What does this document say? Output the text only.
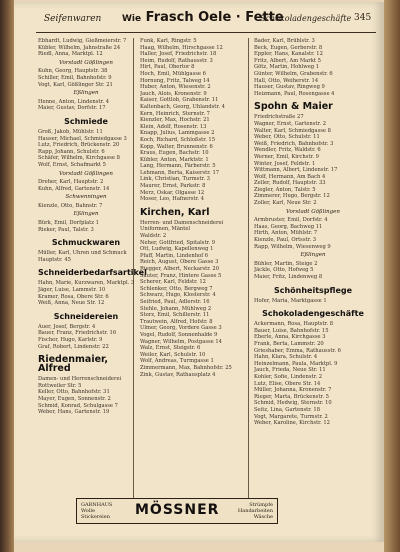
Seifenwaren Wie Frasch Oele · Fette
Schokoladengeschäfte 345
Ebhardt, Ludwig, Gießmeierstr. 7
Kübler, Wilhelm, Jahnstraße 24
Riedl, Anna, Marktpl. 12
Vorstadt Gößlingen
Kuhn, Georg, Hauptstr. 38
Schiller, Emil, Bahnhofstr. 9
Vogt, Karl, Gößlinger Str. 21
Eßlingen
Henne, Anton, Lindenstr. 4
Maier, Gustav, Dorfstr. 17
Schmiede
Groß, Jakob, Mühlstr. 11
Hauser, Michael, Schmiedgasse 3
Lutz, Friedrich, Brückenstr. 20
Rapp, Johann, Schulstr. 6
Schäfer, Wilhelm, Kirchgasse 8
Wolf, Ernst, Schafmarkt 5
Vorstadt Gößlingen
Dreher, Karl, Hauptstr. 2
Kuhn, Alfred, Gartenstr. 14
Schwenningen
Kienzle, Otto, Bahnstr. 7
Eßlingen
Bürk, Emil, Dorfplatz 1
Rieker, Paul, Talstr. 3
Schmuckwaren
Müller, Karl, Uhren und Schmuck
Hauptstr. 45
Schneiderbedarfsartikel
Hahn, Marie, Kurzwaren, Marktpl. 3
Jäger, Luise, Lammstr. 10
Kramer, Rosa, Obere Str. 6
Weiß, Anna, Neue Str. 12
Schneidereien
Auer, Josef, Bergstr. 4
Bauer, Franz, Friedrichstr. 16
Fischer, Hugo, Karlstr. 9
Graf, Robert, Lindenstr. 22
Riedenmaier, Alfred
Damen- und Herrenschneiderei
Rottweiler Str. 5
Keller, Otto, Bahnhofstr. 31
Mayer, Eugen, Sonnenstr. 2
Schmid, Konrad, Schulgasse 7
Weber, Hans, Gartenstr. 19
Funk, Karl, Ringstr. 5
Haag, Wilhelm, Hirschgasse 12
Haller, Josef, Friedrichstr. 18
Heim, Rudolf, Rathausstr. 3
Hirt, Paul, Obertor 8
Hoch, Emil, Mühlgasse 6
Hornung, Fritz, Talweg 14
Huber, Anton, Wiesenstr. 2
Jauch, Alois, Kronenstr. 9
Kaiser, Gottlob, Grabenstr. 11
Kaltenbach, Georg, Uhlandstr. 4
Kern, Heinrich, Sternstr. 7
Kienzler, Max, Hochstr. 21
Klein, Adolf, Rosenstr. 13
Knapp, Julius, Lammgasse 2
Koch, Richard, Schloßstr. 15
Kopp, Walter, Brunnenstr. 6
Kraus, Eugen, Bachstr. 10
Kübler, Anton, Marktstr. 1
Lang, Hermann, Färberstr. 5
Lehmann, Berta, Kaiserstr. 17
Link, Christian, Turmstr. 3
Maurer, Ernst, Parkstr. 8
Merz, Oskar, Ölgasse 12
Moser, Leo, Hafnerstr. 4
Kirchen, Karl
Herren- und Damenschneiderei
Uniformen, Mäntel
Waldstr. 2
Neher, Gottfried, Spitalstr. 9
Ott, Ludwig, Kapellenweg 1
Pfaff, Martin, Lindenhof 6
Reich, August, Obere Gasse 3
Riegger, Albert, Neckarstr. 20
Sauter, Franz, Hintere Gasse 5
Scherer, Karl, Feldstr. 12
Schlenker, Otto, Bergweg 7
Schwarz, Hugo, Klosterstr. 4
Seifried, Paul, Adlerstr. 16
Stehle, Johann, Mühlweg 2
Storz, Emil, Schillerstr. 11
Trautwein, Alfred, Hofstr. 8
Ulmer, Georg, Vordere Gasse 3
Vogel, Rudolf, Sonnenhalde 9
Wagner, Wilhelm, Postgasse 14
Walz, Ernst, Steigstr. 6
Weiler, Karl, Schulstr. 10
Wolf, Andreas, Turmgasse 1
Zimmermann, Max, Bahnhofstr. 25
Zink, Gustav, Rathausplatz 4
Bader, Karl, Brühlstr. 3
Beck, Eugen, Gerberstr. 8
Eppler, Hans, Kanalstr. 12
Fritz, Albert, Am Markt 5
Götz, Martin, Hohlweg 1
Günter, Wilhelm, Grabenstr. 6
Hall, Otto, Weiherstr. 14
Hauser, Gustav, Ringweg 9
Heizmann, Paul, Rosengasse 4
Spohn & Maier
Friedrichstraße 27
Wagner, Ernst, Gartenstr. 2
Walter, Karl, Schmiedgasse 8
Weber, Otto, Schulstr. 11
Weiß, Friedrich, Bahnhofstr. 3
Wendler, Fritz, Waldstr. 6
Werner, Emil, Kirchstr. 9
Winter, Josef, Feldstr. 1
Wittmann, Albert, Lindenstr. 17
Wolf, Hermann, Am Bach 4
Zeller, Rudolf, Hauptstr. 33
Ziegler, Anton, Talstr. 5
Zimmerer, Hugo, Bergstr. 12
Zoller, Karl, Neue Str. 2
Vorstadt Gößlingen
Armbruster, Emil, Dorfstr. 4
Haas, Georg, Bachweg 11
Hirth, Anton, Mühlstr. 7
Kienzle, Paul, Ortsstr. 3
Rapp, Wilhelm, Wiesenweg 9
Eßlingen
Bühler, Martin, Steige 2
Jäckle, Otto, Hofweg 5
Maier, Fritz, Lindenweg 8
Schönheitspflege
Hofer, Maria, Marktgasse 1
Schokoladengeschäfte
Ackermann, Rosa, Hauptstr. 8
Bauer, Luise, Bahnhofstr. 15
Eberle, Anna, Kirchgasse 3
Frank, Berta, Lammstr. 20
Grieshaber, Emma, Rathausstr. 6
Hahn, Klara, Schulstr. 4
Heinzelmann, Paula, Marktpl. 9
Jauch, Frieda, Neue Str. 11
Kohler, Sofie, Lindenstr. 2
Lutz, Elise, Obere Str. 14
Müller, Johanna, Kronenstr. 7
Rieger, Marta, Brückenstr. 5
Schmid, Hedwig, Sternstr. 10
Seitz, Lina, Gartenstr. 18
Vogt, Margarete, Turmstr. 2
Weber, Karoline, Kirchstr. 12
GARNHAUS
Wolle
Stickereien MÖSSNER	Strümpfe
Handarbeiten
Wäsche
